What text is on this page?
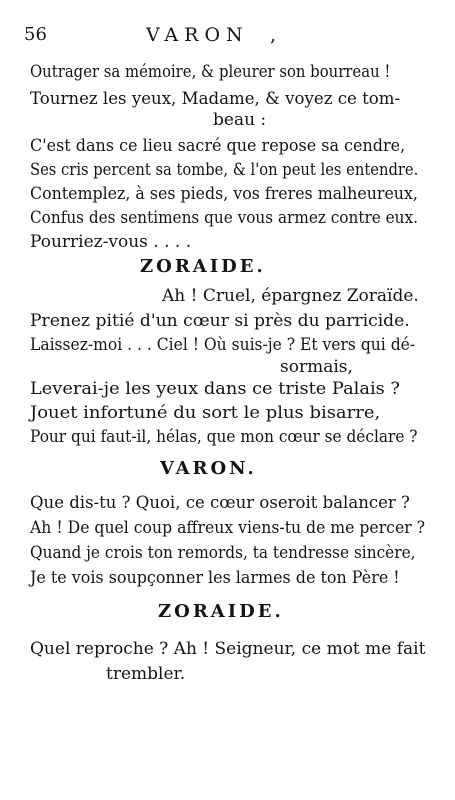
56	VARON ,
Outrager sa mémoire, & pleurer son bourreau !
Tournez les yeux, Madame, & voyez ce tom-
beau :
C'est dans ce lieu sacré que repose sa cendre,
Ses cris percent sa tombe, & l'on peut les entendre.
Contemplez, à ses pieds, vos freres malheureux,
Confus des sentimens que vous armez contre eux.
Pourriez-vous . . . .
ZORAIDE.
Ah ! Cruel, épargnez Zoraïde.
Prenez pitié d'un cœur si près du parricide.
Laissez-moi . . . Ciel ! Où suis-je ? Et vers qui dé-
sormais,
Leverai-je les yeux dans ce triste Palais ?
Jouet infortuné du sort le plus bisarre,
Pour qui faut-il, hélas, que mon cœur se déclare ?
VARON.
Que dis-tu ? Quoi, ce cœur oseroit balancer ?
Ah ! De quel coup affreux viens-tu de me percer ?
Quand je crois ton remords, ta tendresse sincère,
Je te vois soupçonner les larmes de ton Père !
ZORAIDE.
Quel reproche ? Ah ! Seigneur, ce mot me fait
trembler.
